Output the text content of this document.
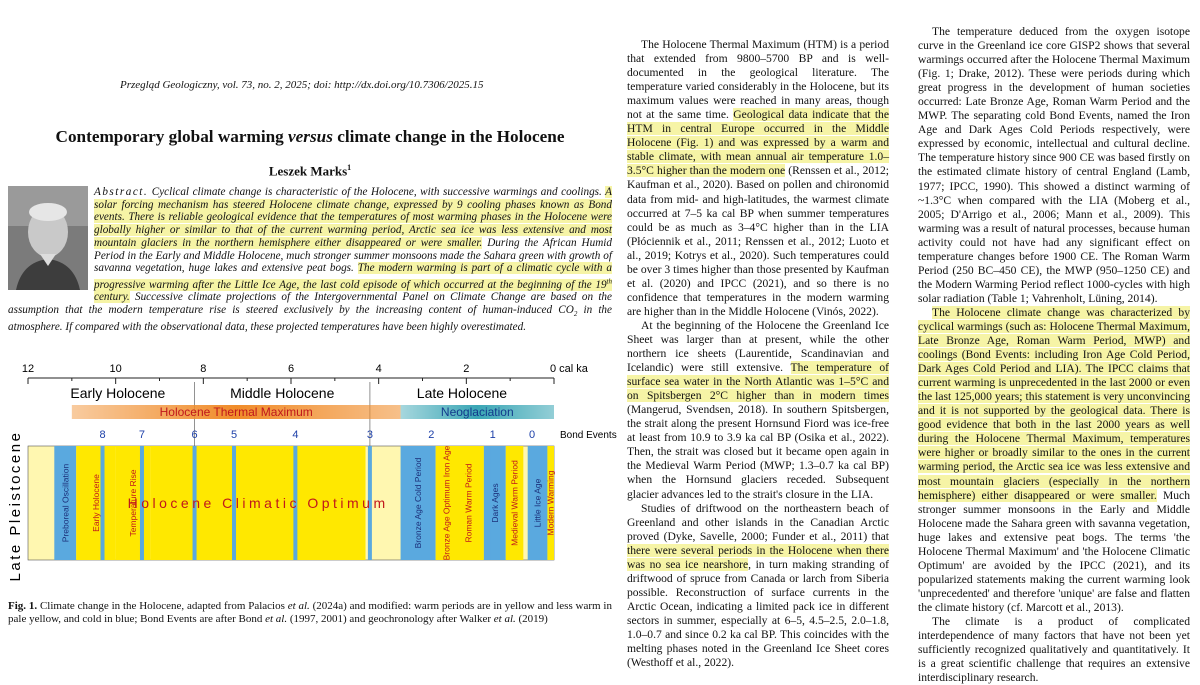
Przegląd Geologiczny, vol. 73, no. 2, 2025; doi: http://dx.doi.org/10.7306/2025.15
Contemporary global warming versus climate change in the Holocene
Leszek Marks$^1$
Abstract. Cyclical climate change is characteristic of the Holocene, with successive warmings and coolings. A solar forcing mechanism has steered Holocene climate change, expressed by 9 cooling phases known as Bond events. There is reliable geological evidence that the temperatures of most warming phases in the Holocene were globally higher or similar to that of the current warming period, Arctic sea ice was less extensive and most mountain glaciers in the northern hemisphere either disappeared or were smaller. During the African Humid Period in the Early and Middle Holocene, much stronger summer monsoons made the Sahara green with growth of savanna vegetation, huge lakes and extensive peat bogs. The modern warming is part of a climatic cycle with a progressive warming after the Little Ice Age, the last cold episode of which occurred at the beginning of the 19th century. Successive climate projections of the Intergovernmental Panel on Climate Change are based on the assumption that the modern temperature rise is steered exclusively by the increasing content of human-induced $CO_2$ in the atmosphere. If compared with the observational data, these projected temperatures have been highly overestimated.
12	10	8	6	4	2	0 cal ka
Early Holocene	Middle Holocene	Late Holocene
Holocene Thermal Maximum	Neoglaciation
8	7	6	5	4	3	2	1	0 Bond Events
Preboreal Oscillation Early Holocene	Temperature Rise
Holocene Climatic Optimum	Bronze Age Cold Period Bronze Age Optimum Iron Age Roman Warm Period Dark Ages Medieval Warm Period Little Ice Age Modern Warming
Late Pleistocene
Fig. 1. Climate change in the Holocene, adapted from Palacios et al. (2024a) and modified: warm periods are in yellow and less warm in pale yellow, and cold in blue; Bond Events are after Bond et al. (1997, 2001) and geochronology after Walker et al. (2019)

The Holocene Thermal Maximum (HTM) is a period that extended from 9800–5700 BP and is well-documented in the geological literature. The temperature varied considerably in the Holocene, but its maximum values were reached in many areas, though not at the same time. Geological data indicate that the HTM in central Europe occurred in the Middle Holocene (Fig. 1) and was expressed by a warm and stable climate, with mean annual air temperature 1.0–3.5°C higher than the modern one (Renssen et al., 2012; Kaufman et al., 2020). Based on pollen and chironomid data from mid- and high-latitudes, the warmest climate occurred at 7–5 ka cal BP when summer temperatures could be as much as 3–4°C higher than in the LIA (Płóciennik et al., 2011; Renssen et al., 2012; Luoto et al., 2019; Kotrys et al., 2020). Such temperatures could be over 3 times higher than those presented by Kaufman et al. (2020) and IPCC (2021), and so there is no confidence that temperatures in the modern warming are higher than in the Middle Holocene (Vinós, 2022).

At the beginning of the Holocene the Greenland Ice Sheet was larger than at present, while the other northern ice sheets (Laurentide, Scandinavian and Icelandic) were still extensive. The temperature of surface sea water in the North Atlantic was 1–5°C and on Spitsbergen 2°C higher than in modern times (Mangerud, Svendsen, 2018). In southern Spitsbergen, the strait along the present Hornsund Fiord was ice-free at least from 10.9 to 3.9 ka cal BP (Osika et al., 2022). Then, the strait was closed but it became open again in the Medieval Warm Period (MWP; 1.3–0.7 ka cal BP) when the Hornsund glaciers receded. Subsequent glacier advances led to the strait's closure in the LIA.

Studies of driftwood on the northeastern beach of Greenland and other islands in the Canadian Arctic proved (Dyke, Savelle, 2000; Funder et al., 2011) that there were several periods in the Holocene when there was no sea ice nearshore, in turn making stranding of driftwood of spruce from Canada or larch from Siberia possible. Reconstruction of surface currents in the Arctic Ocean, indicating a limited pack ice in different sectors in summer, especially at 6–5, 4.5–2.5, 2.0–1.8, 1.0–0.7 and since 0.2 ka cal BP. This coincides with the melting phases noted in the Greenland Ice Sheet cores (Westhoff et al., 2022).

The temperature deduced from the oxygen isotope curve in the Greenland ice core GISP2 shows that several warmings occurred after the Holocene Thermal Maximum (Fig. 1; Drake, 2012). These were periods during which great progress in the development of human societies occurred: Late Bronze Age, Roman Warm Period and the MWP. The separating cold Bond Events, named the Iron Age and Dark Ages Cold Periods respectively, were expressed by economic, intellectual and cultural decline. The temperature history since 900 CE was based firstly on the estimated climate history of central England (Lamb, 1977; IPCC, 1990). This showed a distinct warming of ~1.3°C when compared with the LIA (Moberg et al., 2005; D'Arrigo et al., 2006; Mann et al., 2009). This warming was a result of natural processes, because human activity could not have had any significant effect on temperature changes before 1900 CE. The Roman Warm Period (250 BC–450 CE), the MWP (950–1250 CE) and the Modern Warming Period reflect 1000-cycles with high solar radiation (Table 1; Vahrenholt, Lüning, 2014).

The Holocene climate change was characterized by cyclical warmings (such as: Holocene Thermal Maximum, Late Bronze Age, Roman Warm Period, MWP) and coolings (Bond Events: including Iron Age Cold Period, Dark Ages Cold Period and LIA). The IPCC claims that current warming is unprecedented in the last 2000 or even the last 125,000 years; this statement is very unconvincing and it is not supported by the geological data. There is good evidence that both in the last 2000 years as well during the Holocene Thermal Maximum, temperatures were higher or broadly similar to the ones in the current warming period, the Arctic sea ice was less extensive and most mountain glaciers (especially in the northern hemisphere) either disappeared or were smaller. Much stronger summer monsoons in the Early and Middle Holocene made the Sahara green with savanna vegetation, huge lakes and extensive peat bogs. The terms 'the Holocene Thermal Maximum' and 'the Holocene Climatic Optimum' are avoided by the IPCC (2021), and its popularized statements making the current warming look 'unprecedented' and therefore 'unique' are false and flatten the climate history (cf. Marcott et al., 2013).

The climate is a product of complicated interdependence of many factors that have not been yet sufficiently recognized qualitatively and quantitatively. It is a great scientific challenge that requires an extensive interdisciplinary research.
